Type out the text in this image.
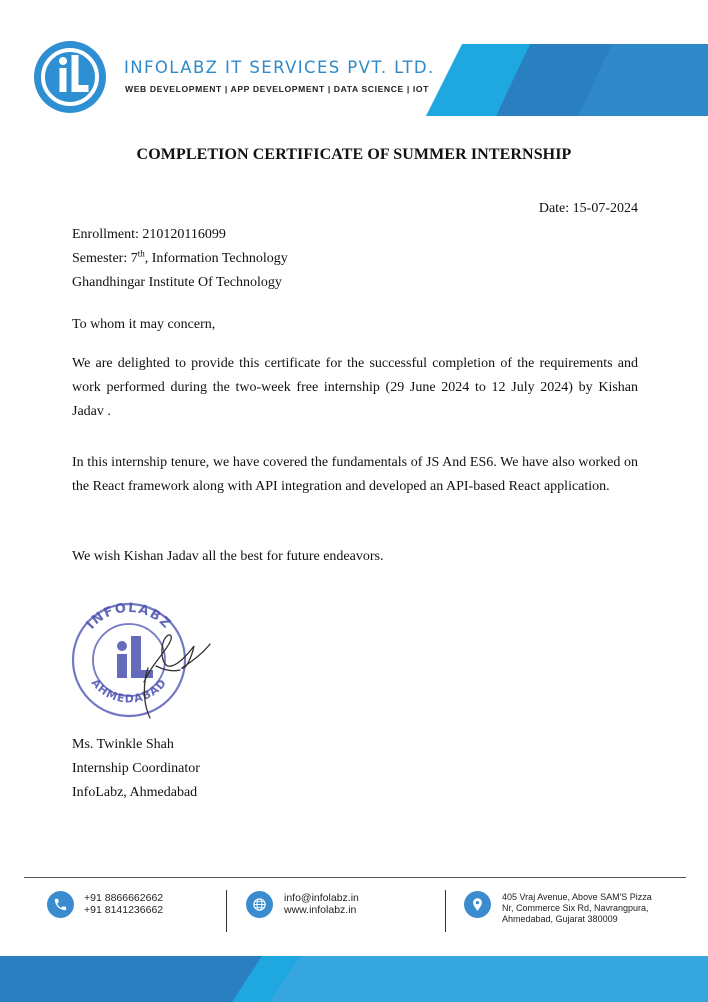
INFOLABZ IT SERVICES PVT. LTD.
WEB DEVELOPMENT | APP DEVELOPMENT | DATA SCIENCE | IOT
COMPLETION CERTIFICATE OF SUMMER INTERNSHIP
Date: 15-07-2024
Enrollment: 210120116099
Semester: 7th, Information Technology
Ghandhingar Institute Of Technology
To whom it may concern,
We are delighted to provide this certificate for the successful completion of the requirements and work performed during the two-week free internship (29 June 2024 to 12 July 2024) by Kishan Jadav .
In this internship tenure, we have covered the fundamentals of JS And ES6. We have also worked on the React framework along with API integration and developed an API-based React application.
We wish Kishan Jadav all the best for future endeavors.
INFOLABZ
AHMEDABAD
Ms. Twinkle Shah
Internship Coordinator
InfoLabz, Ahmedabad
+91 8866662662
+91 8141236662
info@infolabz.in
www.infolabz.in
405 Vraj Avenue, Above SAM'S Pizza
Nr, Commerce Six Rd, Navrangpura,
Ahmedabad, Gujarat 380009
